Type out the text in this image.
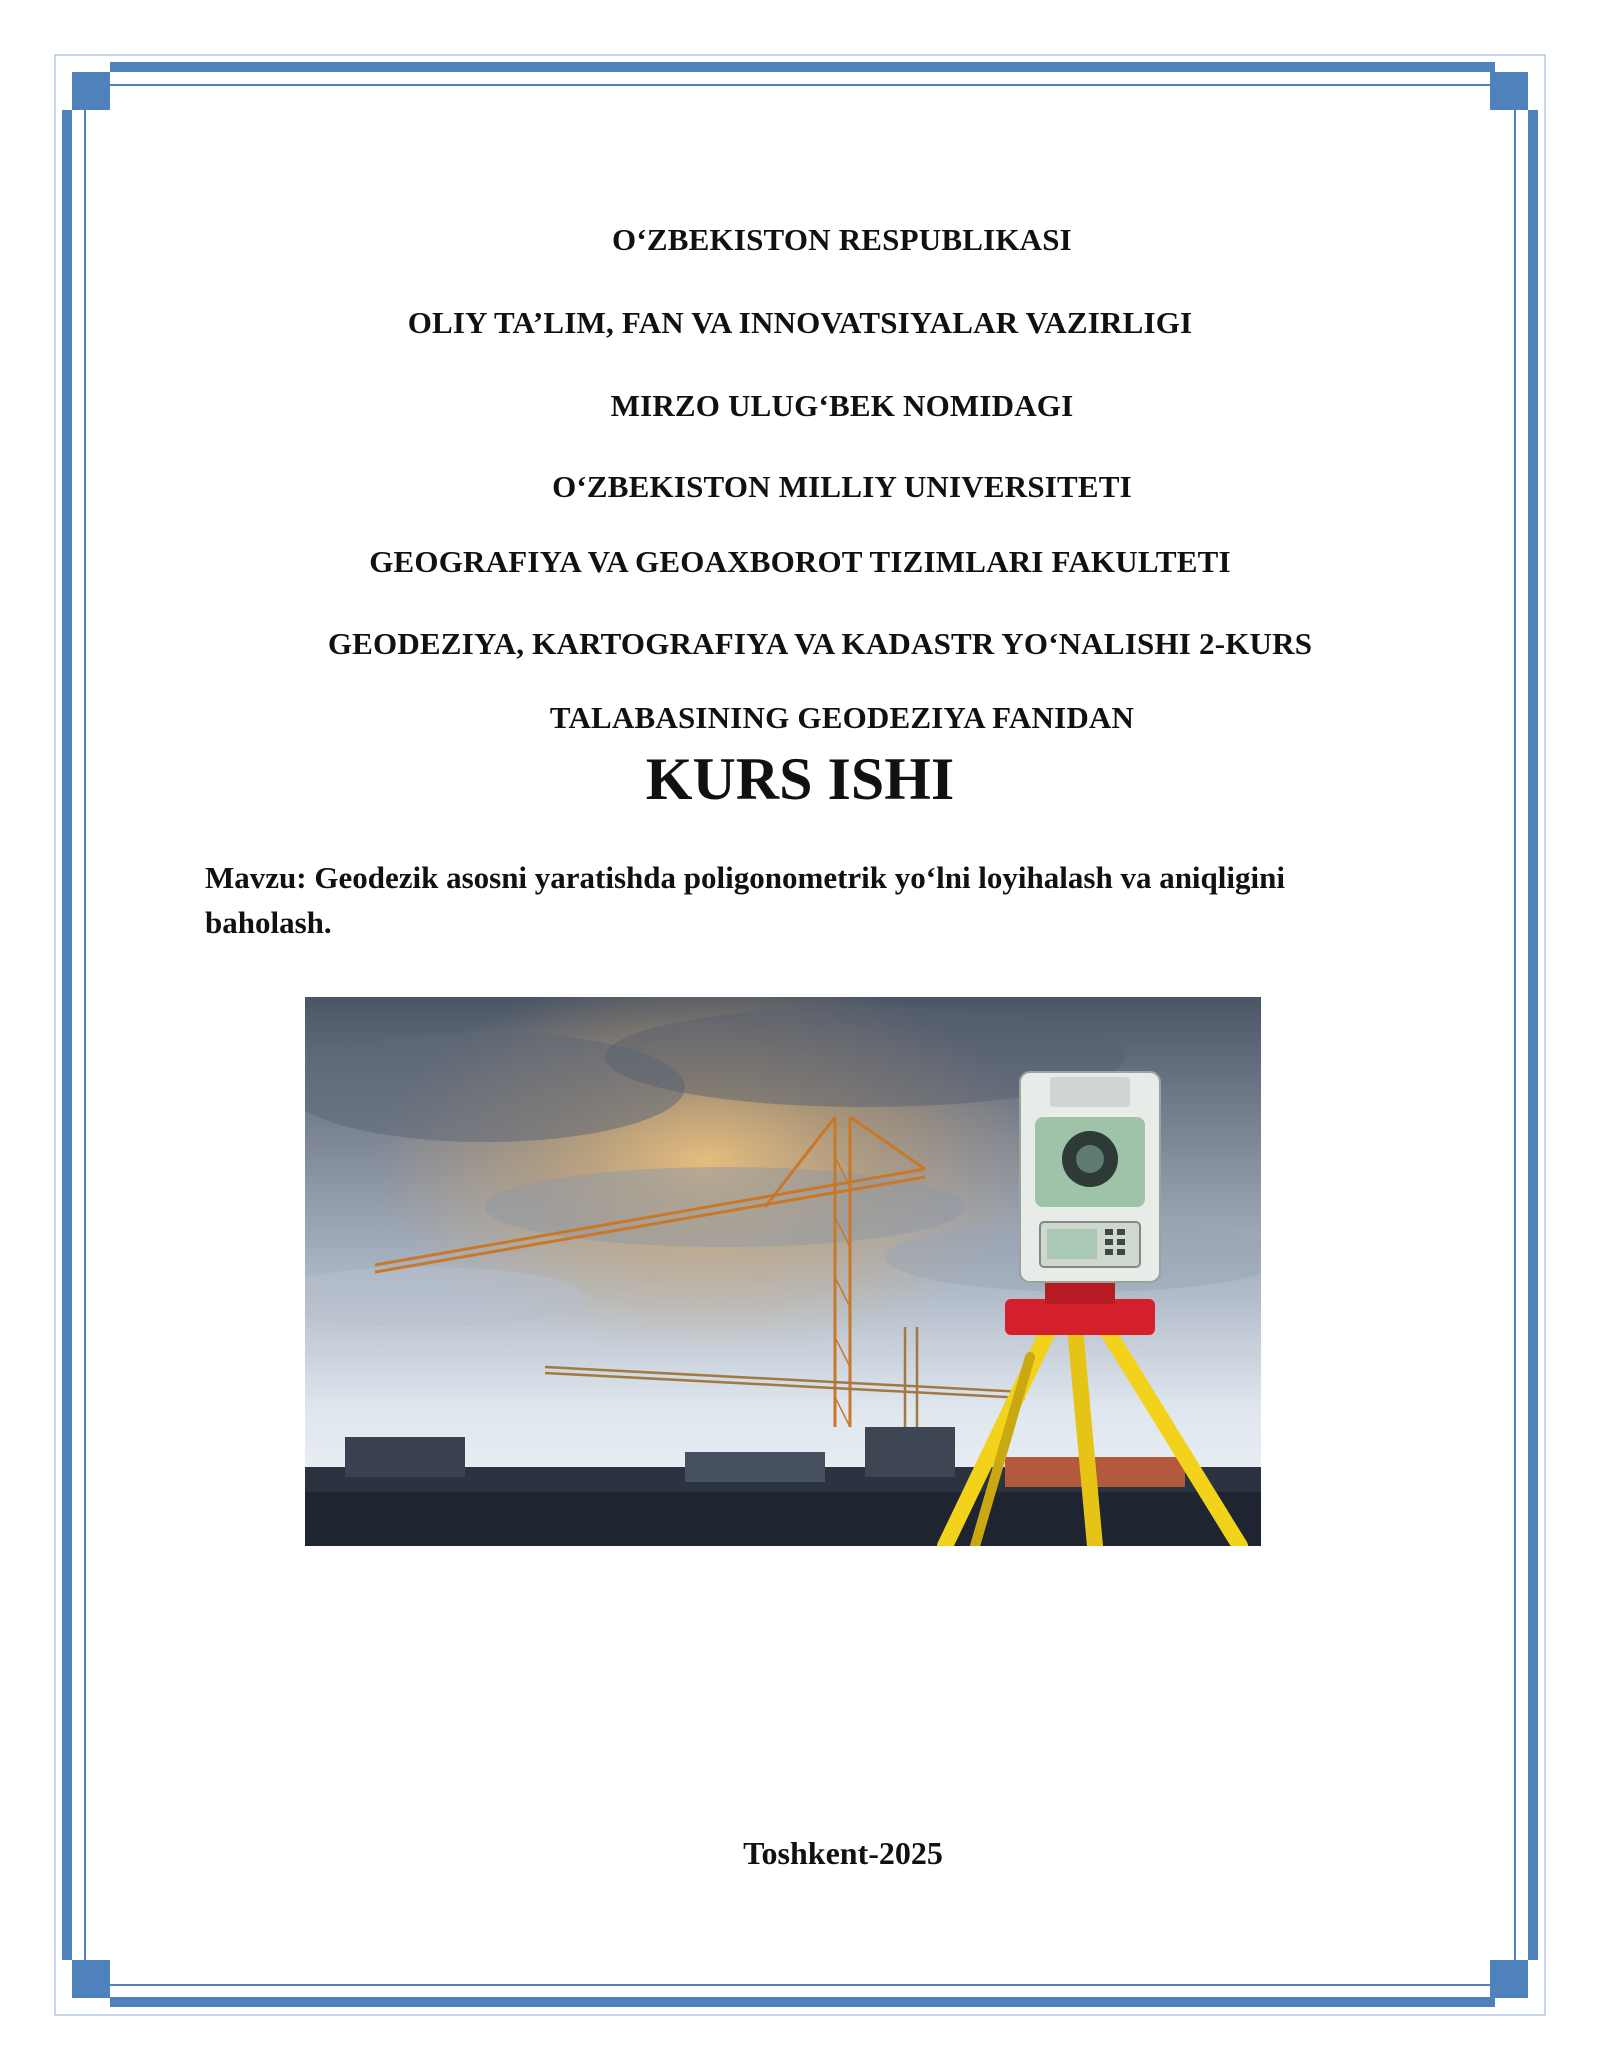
O‘ZBEKISTON RESPUBLIKASI
OLIY TA’LIM, FAN VA INNOVATSIYALAR VAZIRLIGI
MIRZO ULUG‘BEK NOMIDAGI
O‘ZBEKISTON MILLIY UNIVERSITETI
GEOGRAFIYA VA GEOAXBOROT TIZIMLARI FAKULTETI
GEODEZIYA, KARTOGRAFIYA VA KADASTR YO‘NALISHI 2-KURS
TALABASINING GEODEZIYA FANIDAN
KURS ISHI
Mavzu: Geodezik asosni yaratishda poligonometrik yo‘lni loyihalash va aniqligini baholash.
Toshkent-2025
